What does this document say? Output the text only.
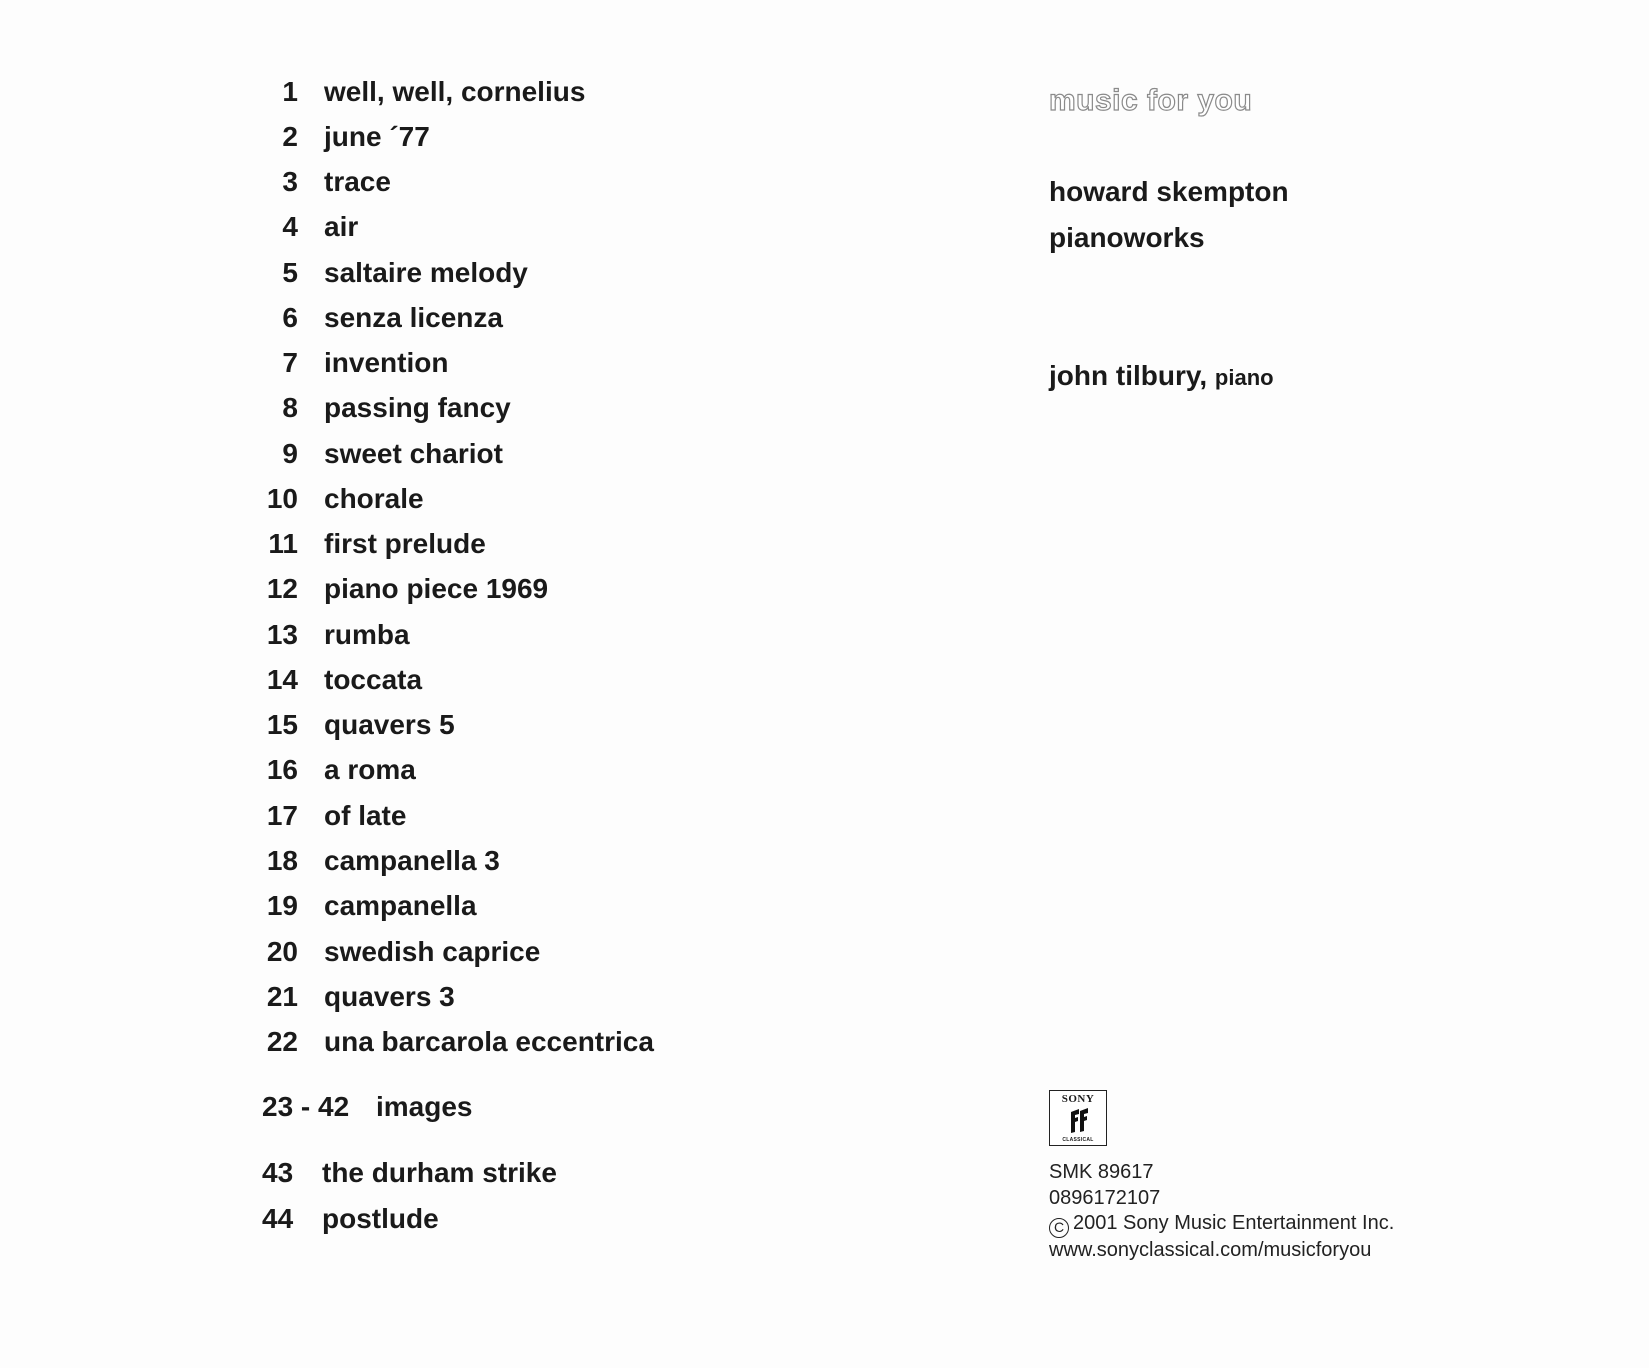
1 well, well, cornelius
2 june ´77
3 trace
4 air
5 saltaire melody
6 senza licenza
7 invention
8 passing fancy
9 sweet chariot
10 chorale
11 first prelude
12 piano piece 1969
13 rumba
14 toccata
15 quavers 5
16 a roma
17 of late
18 campanella 3
19 campanella
20 swedish caprice
21 quavers 3
22 una barcarola eccentrica
23 - 42 images
43 the durham strike
44 postlude
music for you
howard skempton
pianoworks
john tilbury, piano
SONY
CLASSICAL
SMK 89617
0896172107
C 2001 Sony Music Entertainment Inc.
www.sonyclassical.com/musicforyou
